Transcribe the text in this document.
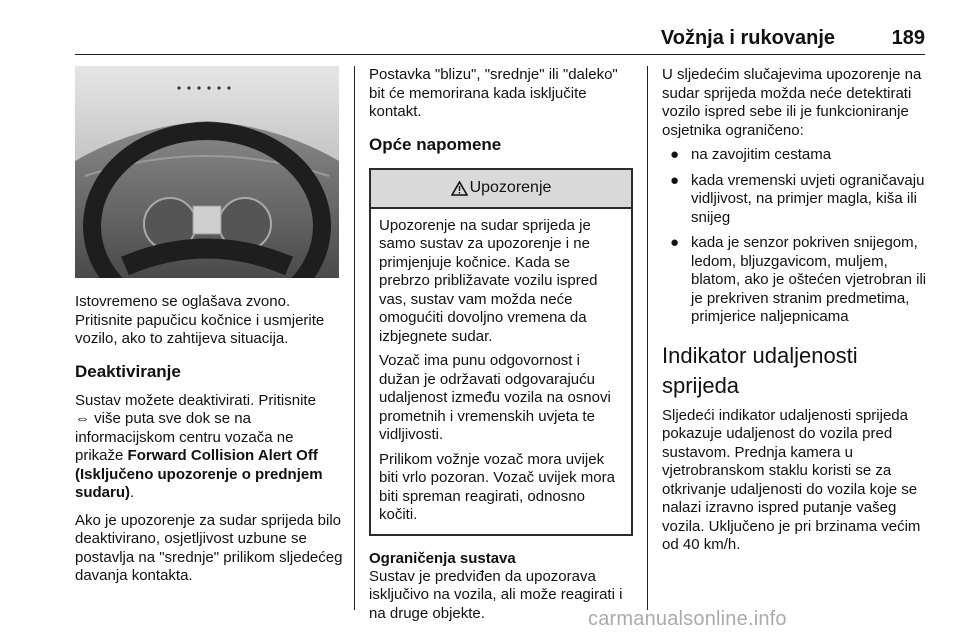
Vožnja i rukovanje	189

Istovremeno se oglašava zvono.

Pritisnite papučicu kočnice i usmjerite vozilo, ako to zahtijeva situacija.

Deaktiviranje

Sustav možete deaktivirati. Pritisnite
⇔ više puta sve dok se na informacijskom centru vozača ne prikaže Forward Collision Alert Off (Isključeno upozorenje o prednjem sudaru).

Ako je upozorenje za sudar sprijeda bilo deaktivirano, osjetljivost uzbune se postavlja na "srednje" prilikom sljedećeg davanja kontakta.

Postavka "blizu", "srednje" ili "daleko" bit će memorirana kada isključite kontakt.

Opće napomene
Upozorenje

Upozorenje na sudar sprijeda je samo sustav za upozorenje i ne primjenjuje kočnice. Kada se prebrzo približavate vozilu ispred vas, sustav vam možda neće omogućiti dovoljno vremena da izbjegnete sudar.

Vozač ima punu odgovornost i dužan je održavati odgovarajuću udaljenost između vozila na osnovi prometnih i vremenskih uvjeta te vidljivosti.

Prilikom vožnje vozač mora uvijek biti vrlo pozoran. Vozač uvijek mora biti spreman reagirati, odnosno kočiti.

Ograničenja sustava

Sustav je predviđen da upozorava isključivo na vozila, ali može reagirati i na druge objekte.

U sljedećim slučajevima upozorenje na sudar sprijeda možda neće detektirati vozilo ispred sebe ili je funkcioniranje osjetnika ograničeno:

● na zavojitim cestama
● kada vremenski uvjeti ograničavaju vidljivost, na primjer magla, kiša ili snijeg
● kada je senzor pokriven snijegom, ledom, bljuzgavicom, muljem, blatom, ako je oštećen vjetrobran ili je prekriven stranim predmetima, primjerice naljepnicama
Indikator udaljenosti sprijeda

Sljedeći indikator udaljenosti sprijeda pokazuje udaljenost do vozila pred sustavom. Prednja kamera u vjetrobranskom staklu koristi se za otkrivanje udaljenosti do vozila koje se nalazi izravno ispred putanje vašeg vozila. Uključeno je pri brzinama većim od 40 km/h.

carmanualsonline.info
